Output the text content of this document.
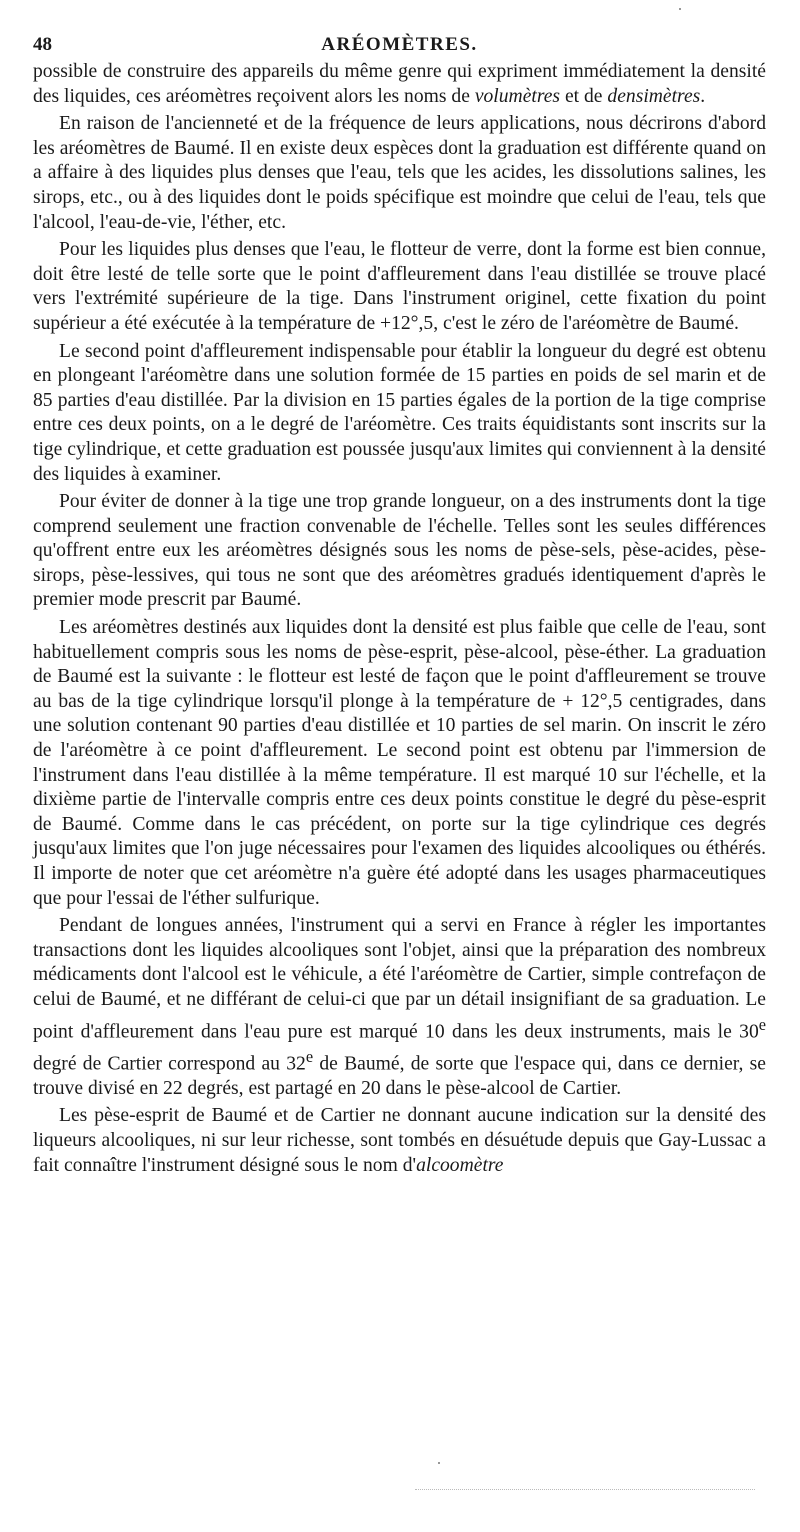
48	ARÉOMÈTRES.

possible de construire des appareils du même genre qui expriment immédiatement la densité des liquides, ces aréomètres reçoivent alors les noms de volumètres et de densimètres.

En raison de l'ancienneté et de la fréquence de leurs applications, nous décrirons d'abord les aréomètres de Baumé. Il en existe deux espèces dont la graduation est différente quand on a affaire à des liquides plus denses que l'eau, tels que les acides, les dissolutions salines, les sirops, etc., ou à des liquides dont le poids spécifique est moindre que celui de l'eau, tels que l'alcool, l'eau-de-vie, l'éther, etc.

Pour les liquides plus denses que l'eau, le flotteur de verre, dont la forme est bien connue, doit être lesté de telle sorte que le point d'affleurement dans l'eau distillée se trouve placé vers l'extrémité supérieure de la tige. Dans l'instrument originel, cette fixation du point supérieur a été exécutée à la température de +12°,5, c'est le zéro de l'aréomètre de Baumé.

Le second point d'affleurement indispensable pour établir la longueur du degré est obtenu en plongeant l'aréomètre dans une solution formée de 15 parties en poids de sel marin et de 85 parties d'eau distillée. Par la division en 15 parties égales de la portion de la tige comprise entre ces deux points, on a le degré de l'aréomètre. Ces traits équidistants sont inscrits sur la tige cylindrique, et cette graduation est poussée jusqu'aux limites qui conviennent à la densité des liquides à examiner.

Pour éviter de donner à la tige une trop grande longueur, on a des instruments dont la tige comprend seulement une fraction convenable de l'échelle. Telles sont les seules différences qu'offrent entre eux les aréomètres désignés sous les noms de pèse-sels, pèse-acides, pèse-sirops, pèse-lessives, qui tous ne sont que des aréomètres gradués identiquement d'après le premier mode prescrit par Baumé.

Les aréomètres destinés aux liquides dont la densité est plus faible que celle de l'eau, sont habituellement compris sous les noms de pèse-esprit, pèse-alcool, pèse-éther. La graduation de Baumé est la suivante : le flotteur est lesté de façon que le point d'affleurement se trouve au bas de la tige cylindrique lorsqu'il plonge à la température de + 12°,5 centigrades, dans une solution contenant 90 parties d'eau distillée et 10 parties de sel marin. On inscrit le zéro de l'aréomètre à ce point d'affleurement. Le second point est obtenu par l'immersion de l'instrument dans l'eau distillée à la même température. Il est marqué 10 sur l'échelle, et la dixième partie de l'intervalle compris entre ces deux points constitue le degré du pèse-esprit de Baumé. Comme dans le cas précédent, on porte sur la tige cylindrique ces degrés jusqu'aux limites que l'on juge nécessaires pour l'examen des liquides alcooliques ou éthérés. Il importe de noter que cet aréomètre n'a guère été adopté dans les usages pharmaceutiques que pour l'essai de l'éther sulfurique.

Pendant de longues années, l'instrument qui a servi en France à régler les importantes transactions dont les liquides alcooliques sont l'objet, ainsi que la préparation des nombreux médicaments dont l'alcool est le véhicule, a été l'aréomètre de Cartier, simple contrefaçon de celui de Baumé, et ne différant de celui-ci que par un détail insignifiant de sa graduation. Le point d'affleurement dans l'eau pure est marqué 10 dans les deux instruments, mais le 30e degré de Cartier correspond au 32e de Baumé, de sorte que l'espace qui, dans ce dernier, se trouve divisé en 22 degrés, est partagé en 20 dans le pèse-alcool de Cartier.

Les pèse-esprit de Baumé et de Cartier ne donnant aucune indication sur la densité des liqueurs alcooliques, ni sur leur richesse, sont tombés en désuétude depuis que Gay-Lussac a fait connaître l'instrument désigné sous le nom d'alcoomètre
